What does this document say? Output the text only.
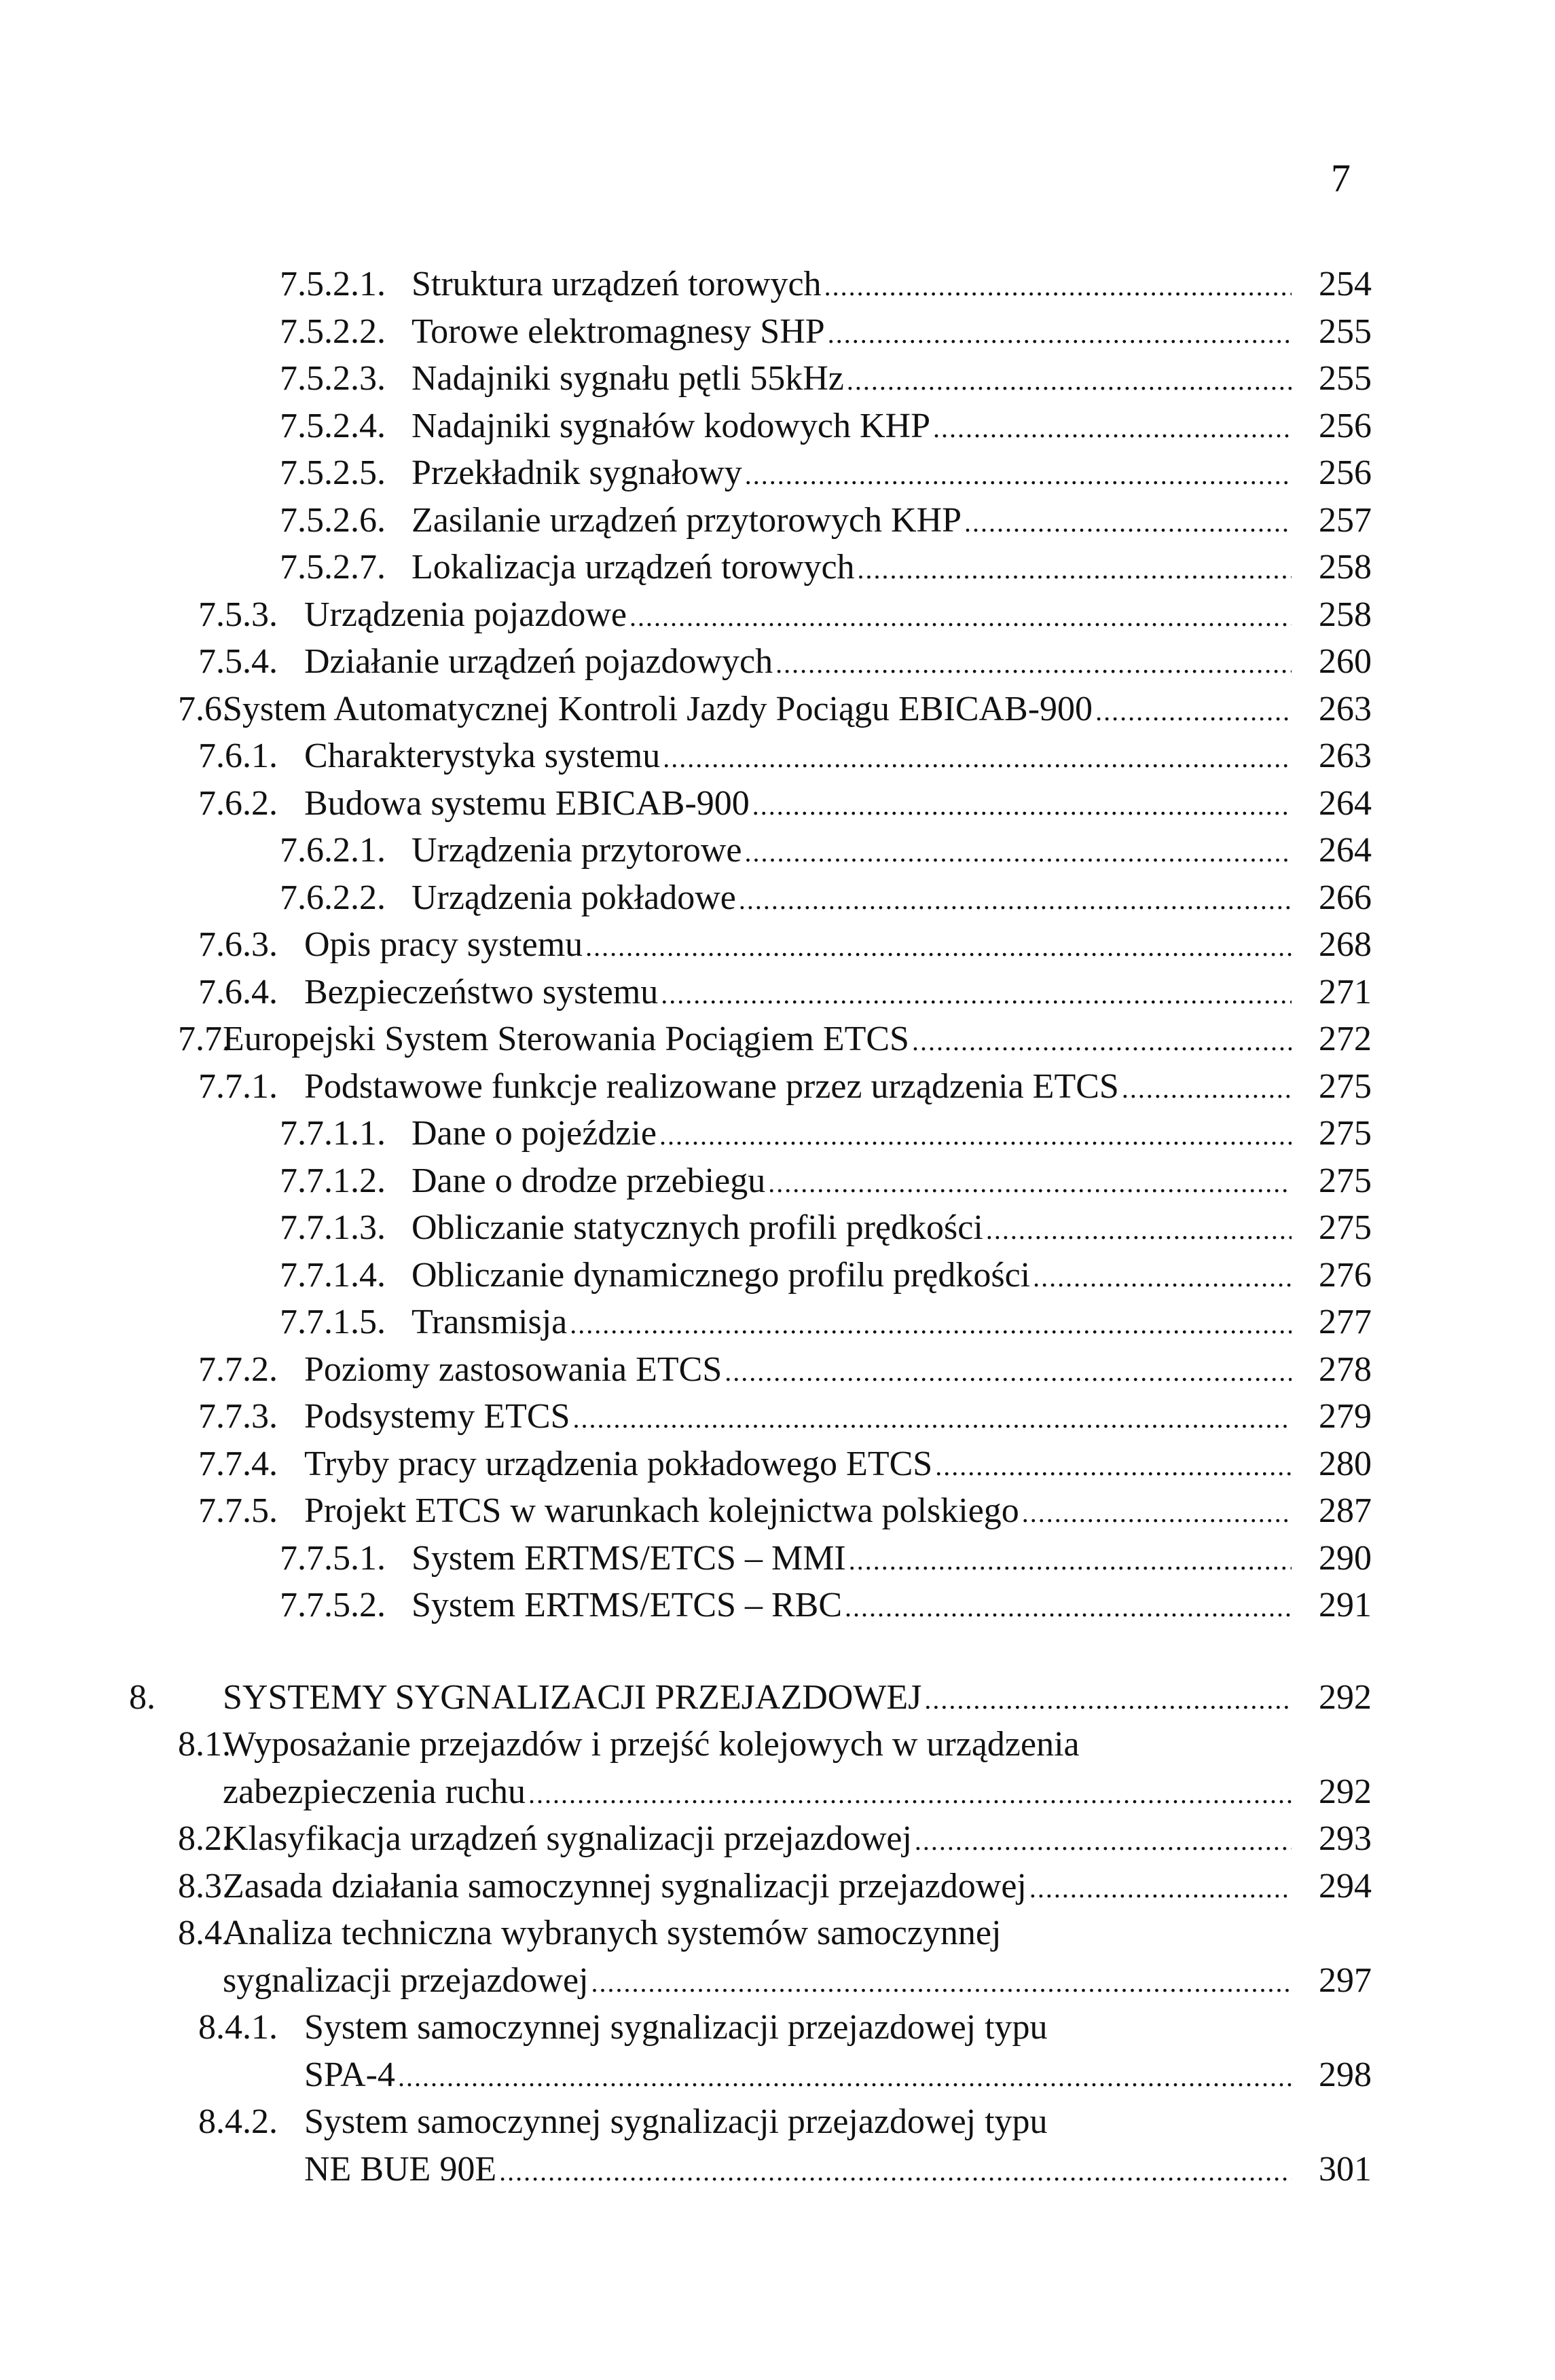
7
7.5.2.1. Struktura urządzeń torowych .....	254
7.5.2.2. Torowe elektromagnesy SHP .....	255
7.5.2.3. Nadajniki sygnału pętli 55kHz .....	255
7.5.2.4. Nadajniki sygnałów kodowych KHP .....	256
7.5.2.5. Przekładnik sygnałowy .....	256
7.5.2.6. Zasilanie urządzeń przytorowych KHP .....	257
7.5.2.7. Lokalizacja urządzeń torowych .....	258
7.5.3. Urządzenia pojazdowe .....	258
7.5.4. Działanie urządzeń pojazdowych .....	260
7.6.
System Automatycznej Kontroli Jazdy Pociągu EBICAB-900 .....	263
7.6.1. Charakterystyka systemu .....	263
7.6.2. Budowa systemu EBICAB-900 .....	264
7.6.2.1. Urządzenia przytorowe .....	264
7.6.2.2. Urządzenia pokładowe .....	266
7.6.3. Opis pracy systemu .....	268
7.6.4. Bezpieczeństwo systemu .....	271
7.7.
Europejski System Sterowania Pociągiem ETCS .....	272
7.7.1. Podstawowe funkcje realizowane przez urządzenia ETCS .....	275
7.7.1.1. Dane o pojeździe .....	275
7.7.1.2. Dane o drodze przebiegu .....	275
7.7.1.3. Obliczanie statycznych profili prędkości .....	275
7.7.1.4. Obliczanie dynamicznego profilu prędkości .....	276
7.7.1.5. Transmisja .....	277
7.7.2. Poziomy zastosowania ETCS .....	278
7.7.3. Podsystemy ETCS .....	279
7.7.4. Tryby pracy urządzenia pokładowego ETCS .....	280
7.7.5. Projekt ETCS w warunkach kolejnictwa polskiego .....	287
7.7.5.1. System ERTMS/ETCS – MMI .....	290
7.7.5.2. System ERTMS/ETCS – RBC .....	291
8. SYSTEMY SYGNALIZACJI PRZEJAZDOWEJ .....	292
8.1.
Wyposażanie przejazdów i przejść kolejowych w urządzenia
zabezpieczenia ruchu .....	292
8.2.
Klasyfikacja urządzeń sygnalizacji przejazdowej .....	293
8.3.
Zasada działania samoczynnej sygnalizacji przejazdowej .....	294
8.4.
Analiza techniczna wybranych systemów samoczynnej
sygnalizacji przejazdowej .....	297
8.4.1. System samoczynnej sygnalizacji przejazdowej typu
SPA-4 .....	298
8.4.2. System samoczynnej sygnalizacji przejazdowej typu
NE BUE 90E .....	301
